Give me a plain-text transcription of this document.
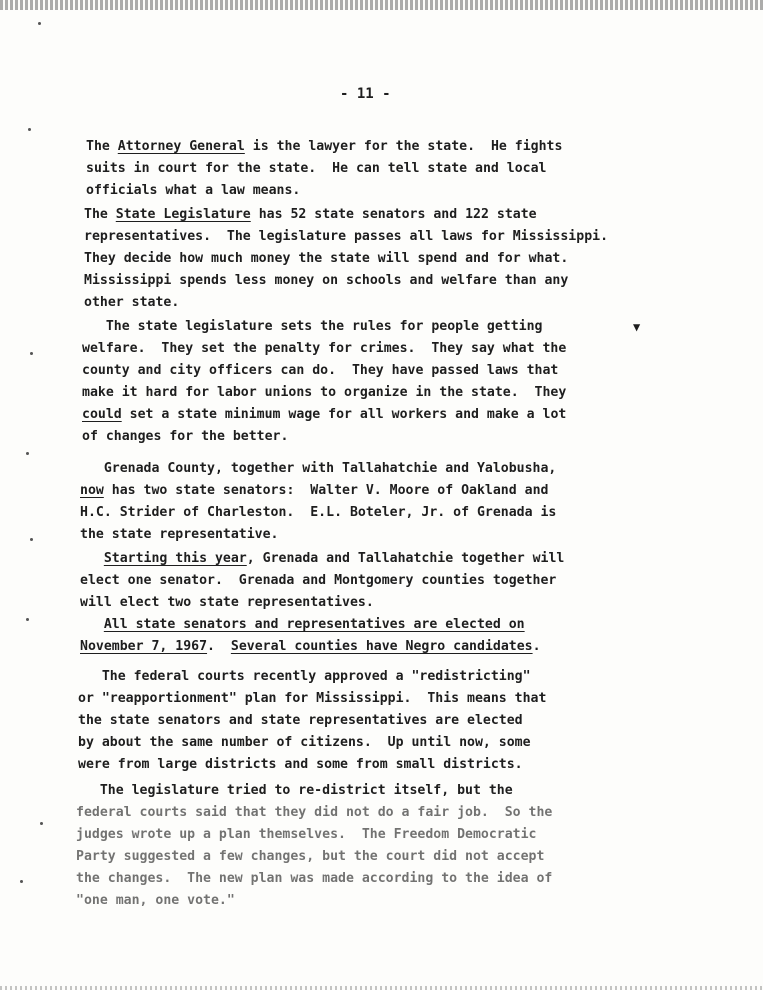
- 11 -
▼
The Attorney General is the lawyer for the state.  He fights
suits in court for the state.  He can tell state and local
officials what a law means.
The State Legislature has 52 state senators and 122 state
representatives.  The legislature passes all laws for Mississippi.
They decide how much money the state will spend and for what.
Mississippi spends less money on schools and welfare than any
other state.
The state legislature sets the rules for people getting
welfare.  They set the penalty for crimes.  They say what the
county and city officers can do.  They have passed laws that
make it hard for labor unions to organize in the state.  They
could set a state minimum wage for all workers and make a lot
of changes for the better.
Grenada County, together with Tallahatchie and Yalobusha,
now has two state senators:  Walter V. Moore of Oakland and
H.C. Strider of Charleston.  E.L. Boteler, Jr. of Grenada is
the state representative.
Starting this year, Grenada and Tallahatchie together will
elect one senator.  Grenada and Montgomery counties together
will elect two state representatives.
All state senators and representatives are elected on
November 7, 1967.  Several counties have Negro candidates.
The federal courts recently approved a "redistricting"
or "reapportionment" plan for Mississippi.  This means that
the state senators and state representatives are elected
by about the same number of citizens.  Up until now, some
were from large districts and some from small districts.
The legislature tried to re-district itself, but the
federal courts said that they did not do a fair job.  So the
judges wrote up a plan themselves.  The Freedom Democratic
Party suggested a few changes, but the court did not accept
the changes.  The new plan was made according to the idea of
"one man, one vote."
